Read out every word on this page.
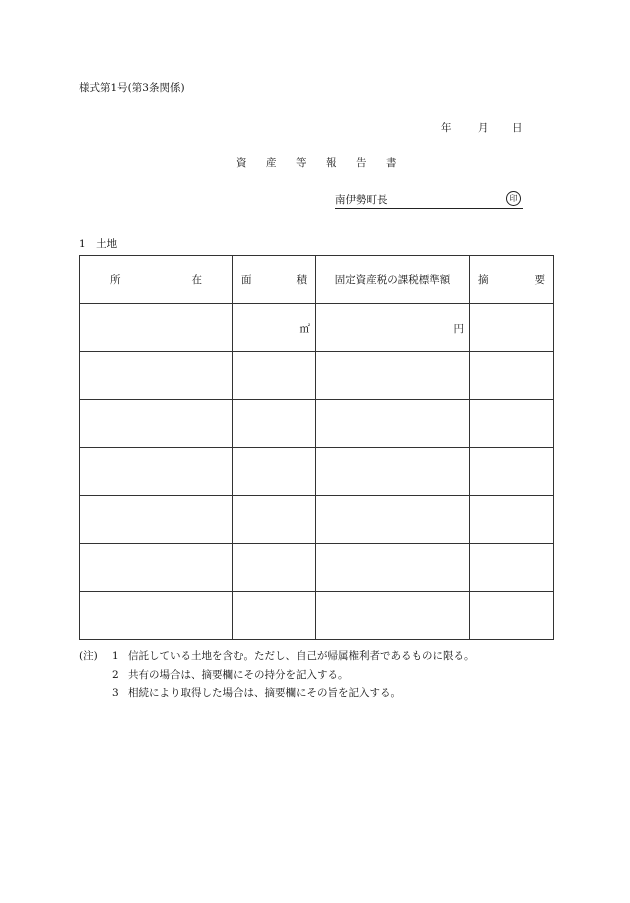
様式第1号(第3条関係)
年	月 日
資 産 等 報 告 書
南伊勢町長	印
1　土地
所 在	面 積	固定資産税の課税標準額	摘 要

	㎡	円	

(注)	1 信託している土地を含む。ただし、自己が帰属権利者であるものに限る。
2 共有の場合は、摘要欄にその持分を記入する。
3 相続により取得した場合は、摘要欄にその旨を記入する。
